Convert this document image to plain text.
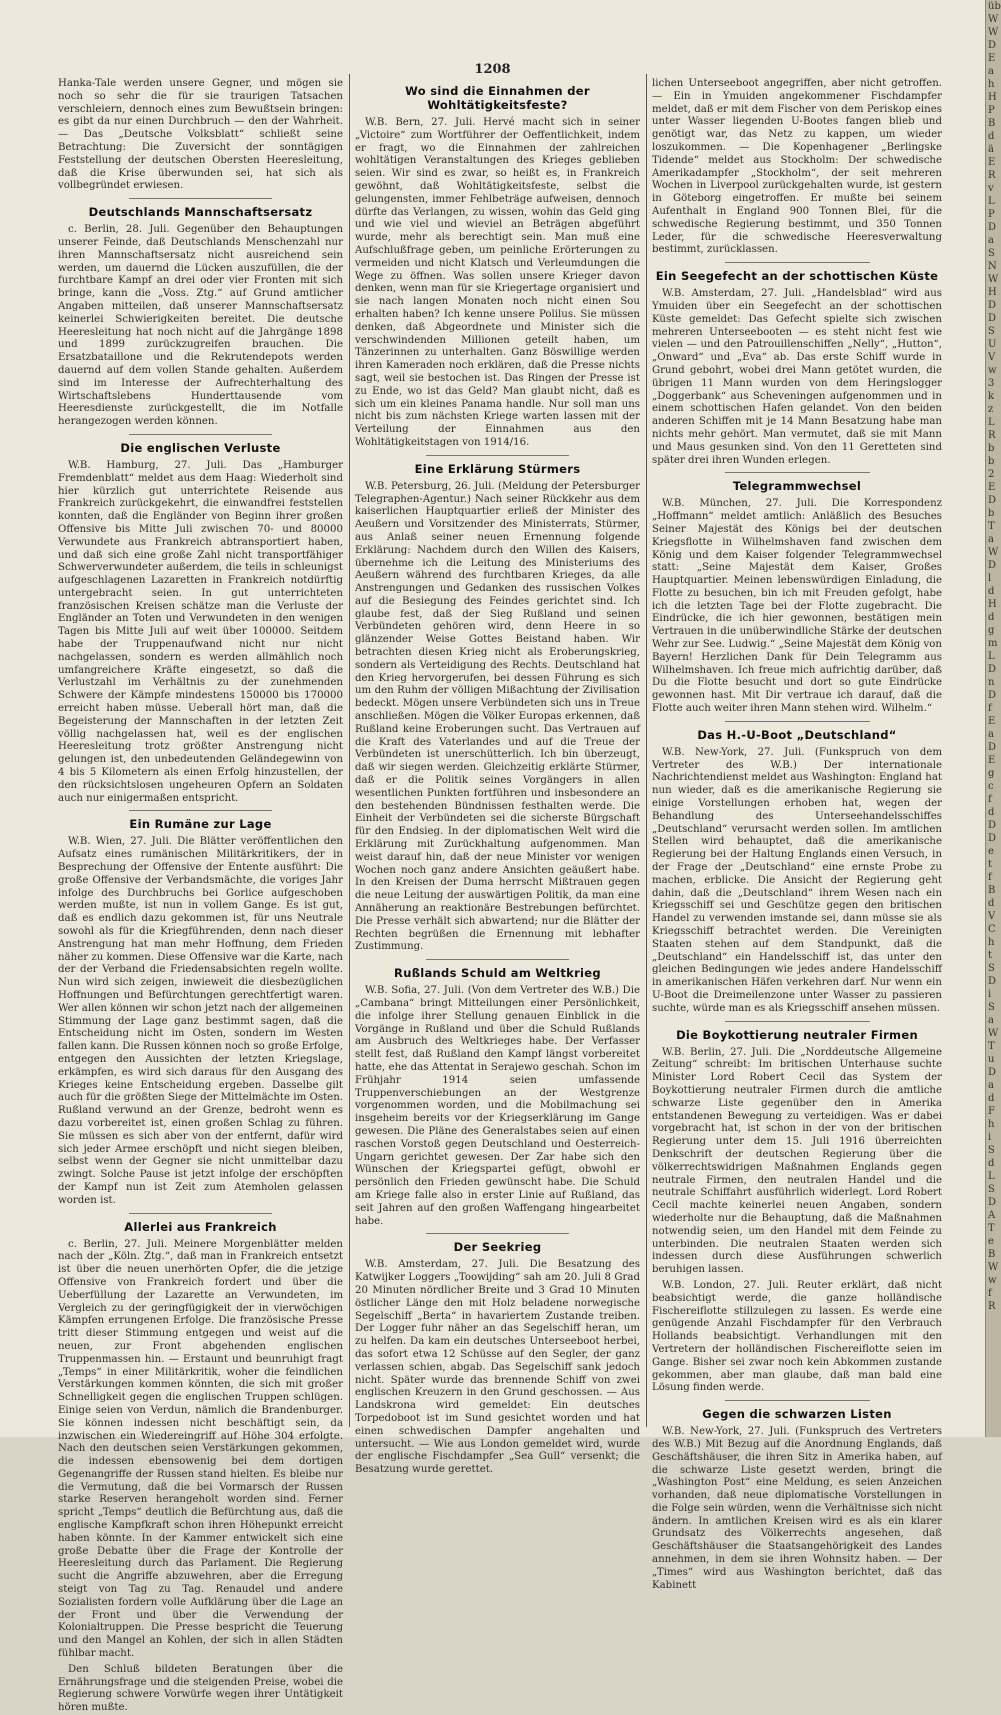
1208

Hanka-Tale werden unsere Gegner, und mögen sie noch so sehr die für sie traurigen Tatsachen verschleiern, dennoch eines zum Bewußtsein bringen: es gibt da nur einen Durchbruch — den der Wahrheit. — Das „Deutsche Volksblatt“ schließt seine Betrachtung: Die Zuversicht der sonntägigen Feststellung der deutschen Obersten Heeresleitung, daß die Krise überwunden sei, hat sich als vollbegründet erwiesen.

Deutschlands Mannschaftsersatz

c. Berlin, 28. Juli. Gegenüber den Behauptungen unserer Feinde, daß Deutschlands Menschenzahl nur ihren Mannschaftsersatz nicht ausreichend sein werden, um dauernd die Lücken auszufüllen, die der furchtbare Kampf an drei oder vier Fronten mit sich bringe, kann die „Voss. Ztg.“ auf Grund amtlicher Angaben mitteilen, daß unserer Mannschaftsersatz keinerlei Schwierigkeiten bereitet. Die deutsche Heeresleitung hat noch nicht auf die Jahrgänge 1898 und 1899 zurückzugreifen brauchen. Die Ersatzbataillone und die Rekrutendepots werden dauernd auf dem vollen Stande gehalten. Außerdem sind im Interesse der Aufrechterhaltung des Wirtschaftslebens Hunderttausende vom Heeresdienste zurückgestellt, die im Notfalle herangezogen werden können.

Die englischen Verluste

W.B. Hamburg, 27. Juli. Das „Hamburger Fremdenblatt“ meldet aus dem Haag: Wiederholt sind hier kürzlich gut unterrichtete Reisende aus Frankreich zurückgekehrt, die einwandfrei feststellen konnten, daß die Engländer von Beginn ihrer großen Offensive bis Mitte Juli zwischen 70- und 80000 Verwundete aus Frankreich abtransportiert haben, und daß sich eine große Zahl nicht transportfähiger Schwerverwundeter außerdem, die teils in schleunigst aufgeschlagenen Lazaretten in Frankreich notdürftig untergebracht seien. In gut unterrichteten französischen Kreisen schätze man die Verluste der Engländer an Toten und Verwundeten in den wenigen Tagen bis Mitte Juli auf weit über 100000. Seitdem habe der Truppenaufwand nicht nur nicht nachgelassen, sondern es werden allmählich noch umfangreichere Kräfte eingesetzt, so daß die Verlustzahl im Verhältnis zu der zunehmenden Schwere der Kämpfe mindestens 150000 bis 170000 erreicht haben müsse. Ueberall hört man, daß die Begeisterung der Mannschaften in der letzten Zeit völlig nachgelassen hat, weil es der englischen Heeresleitung trotz größter Anstrengung nicht gelungen ist, den unbedeutenden Geländegewinn von 4 bis 5 Kilometern als einen Erfolg hinzustellen, der den rücksichtslosen ungeheuren Opfern an Soldaten auch nur einigermaßen entspricht.

Ein Rumäne zur Lage

W.B. Wien, 27. Juli. Die Blätter veröffentlichen den Aufsatz eines rumänischen Militärkritikers, der in Besprechung der Offensive der Entente ausführt: Die große Offensive der Verbandsmächte, die voriges Jahr infolge des Durchbruchs bei Gorlice aufgeschoben werden mußte, ist nun in vollem Gange. Es ist gut, daß es endlich dazu gekommen ist, für uns Neutrale sowohl als für die Kriegführenden, denn nach dieser Anstrengung hat man mehr Hoffnung, dem Frieden näher zu kommen. Diese Offensive war die Karte, nach der der Verband die Friedensabsichten regeln wollte. Nun wird sich zeigen, inwieweit die diesbezüglichen Hoffnungen und Befürchtungen gerechtfertigt waren. Wer allen können wir schon jetzt nach der allgemeinen Stimmung der Lage ganz bestimmt sagen, daß die Entscheidung nicht im Osten, sondern im Westen fallen kann. Die Russen können noch so große Erfolge, entgegen den Aussichten der letzten Kriegslage, erkämpfen, es wird sich daraus für den Ausgang des Krieges keine Entscheidung ergeben. Dasselbe gilt auch für die größten Siege der Mittelmächte im Osten. Rußland verwund an der Grenze, bedroht wenn es dazu vorbereitet ist, einen großen Schlag zu führen. Sie müssen es sich aber von der entfernt, dafür wird sich jeder Armee erschöpft und nicht siegen bleiben, selbst wenn der Gegner sie nicht unmittelbar dazu zwingt. Solche Pause ist jetzt infolge der erschöpften der Kampf nun ist Zeit zum Atemholen gelassen worden ist.

Allerlei aus Frankreich

c. Berlin, 27. Juli. Meinere Morgenblätter melden nach der „Köln. Ztg.“, daß man in Frankreich entsetzt ist über die neuen unerhörten Opfer, die die jetzige Offensive von Frankreich fordert und über die Ueberfüllung der Lazarette an Verwundeten, im Vergleich zu der geringfügigkeit der in vierwöchigen Kämpfen errungenen Erfolge. Die französische Presse tritt dieser Stimmung entgegen und weist auf die neuen, zur Front abgehenden englischen Truppenmassen hin. — Erstaunt und beunruhigt fragt „Temps“ in einer Militärkritik, woher die feindlichen Verstärkungen kommen könnten, die sich mit großer Schnelligkeit gegen die englischen Truppen schlügen. Einige seien von Verdun, nämlich die Brandenburger. Sie können indessen nicht beschäftigt sein, da inzwischen ein Wiedereingriff auf Höhe 304 erfolgte. Nach den deutschen seien Verstärkungen gekommen, die indessen ebensowenig bei dem dortigen Gegenangriffe der Russen stand hielten. Es bleibe nur die Vermutung, daß die bei Vormarsch der Russen starke Reserven herangeholt worden sind. Ferner spricht „Temps“ deutlich die Befürchtung aus, daß die englische Kampfkraft schon ihren Höhepunkt erreicht haben könnte. In der Kammer entwickelt sich eine große Debatte über die Frage der Kontrolle der Heeresleitung durch das Parlament. Die Regierung sucht die Angriffe abzuwehren, aber die Erregung steigt von Tag zu Tag. Renaudel und andere Sozialisten fordern volle Aufklärung über die Lage an der Front und über die Verwendung der Kolonialtruppen. Die Presse bespricht die Teuerung und den Mangel an Kohlen, der sich in allen Städten fühlbar macht.

Den Schluß bildeten Beratungen über die Ernährungsfrage und die steigenden Preise, wobei die Regierung schwere Vorwürfe wegen ihrer Untätigkeit hören mußte.

Wo sind die Einnahmen der Wohltätigkeitsfeste?

W.B. Bern, 27. Juli. Hervé macht sich in seiner „Victoire“ zum Wortführer der Oeffentlichkeit, indem er fragt, wo die Einnahmen der zahlreichen wohltätigen Veranstaltungen des Krieges geblieben seien. Wir sind es zwar, so heißt es, in Frankreich gewöhnt, daß Wohltätigkeitsfeste, selbst die gelungensten, immer Fehlbeträge aufweisen, dennoch dürfte das Verlangen, zu wissen, wohin das Geld ging und wie viel und wieviel an Beträgen abgeführt wurde, mehr als berechtigt sein. Man muß eine Aufschlußfrage geben, um peinliche Erörterungen zu vermeiden und nicht Klatsch und Verleumdungen die Wege zu öffnen. Was sollen unsere Krieger davon denken, wenn man für sie Kriegertage organisiert und sie nach langen Monaten noch nicht einen Sou erhalten haben? Ich kenne unsere Polilus. Sie müssen denken, daß Abgeordnete und Minister sich die verschwindenden Millionen geteilt haben, um Tänzerinnen zu unterhalten. Ganz Böswillige werden ihren Kameraden noch erklären, daß die Presse nichts sagt, weil sie bestochen ist. Das Ringen der Presse ist zu Ende, wo ist das Geld? Man glaubt nicht, daß es sich um ein kleines Panama handle. Nur soll man uns nicht bis zum nächsten Kriege warten lassen mit der Verteilung der Einnahmen aus den Wohltätigkeitstagen von 1914/16.

Eine Erklärung Stürmers

W.B. Petersburg, 26. Juli. (Meldung der Petersburger Telegraphen-Agentur.) Nach seiner Rückkehr aus dem kaiserlichen Hauptquartier erließ der Minister des Aeußern und Vorsitzender des Ministerrats, Stürmer, aus Anlaß seiner neuen Ernennung folgende Erklärung: Nachdem durch den Willen des Kaisers, übernehme ich die Leitung des Ministeriums des Aeußern während des furchtbaren Krieges, da alle Anstrengungen und Gedanken des russischen Volkes auf die Besiegung des Feindes gerichtet sind. Ich glaube fest, daß der Sieg Rußland und seinen Verbündeten gehören wird, denn Heere in so glänzender Weise Gottes Beistand haben. Wir betrachten diesen Krieg nicht als Eroberungskrieg, sondern als Verteidigung des Rechts. Deutschland hat den Krieg hervorgerufen, bei dessen Führung es sich um den Ruhm der völligen Mißachtung der Zivilisation bedeckt. Mögen unsere Verbündeten sich uns in Treue anschließen. Mögen die Völker Europas erkennen, daß Rußland keine Eroberungen sucht. Das Vertrauen auf die Kraft des Vaterlandes und auf die Treue der Verbündeten ist unerschütterlich. Ich bin überzeugt, daß wir siegen werden. Gleichzeitig erklärte Stürmer, daß er die Politik seines Vorgängers in allen wesentlichen Punkten fortführen und insbesondere an den bestehenden Bündnissen festhalten werde. Die Einheit der Verbündeten sei die sicherste Bürgschaft für den Endsieg. In der diplomatischen Welt wird die Erklärung mit Zurückhaltung aufgenommen. Man weist darauf hin, daß der neue Minister vor wenigen Wochen noch ganz andere Ansichten geäußert habe. In den Kreisen der Duma herrscht Mißtrauen gegen die neue Leitung der auswärtigen Politik, da man eine Annäherung an reaktionäre Bestrebungen befürchtet. Die Presse verhält sich abwartend; nur die Blätter der Rechten begrüßen die Ernennung mit lebhafter Zustimmung.

Rußlands Schuld am Weltkrieg

W.B. Sofia, 27. Juli. (Von dem Vertreter des W.B.) Die „Cambana“ bringt Mitteilungen einer Persönlichkeit, die infolge ihrer Stellung genauen Einblick in die Vorgänge in Rußland und über die Schuld Rußlands am Ausbruch des Weltkrieges habe. Der Verfasser stellt fest, daß Rußland den Kampf längst vorbereitet hatte, ehe das Attentat in Serajewo geschah. Schon im Frühjahr 1914 seien umfassende Truppenverschiebungen an der Westgrenze vorgenommen worden, und die Mobilmachung sei insgeheim bereits vor der Kriegserklärung im Gange gewesen. Die Pläne des Generalstabes seien auf einen raschen Vorstoß gegen Deutschland und Oesterreich-Ungarn gerichtet gewesen. Der Zar habe sich den Wünschen der Kriegspartei gefügt, obwohl er persönlich den Frieden gewünscht habe. Die Schuld am Kriege falle also in erster Linie auf Rußland, das seit Jahren auf den großen Waffengang hingearbeitet habe.

Der Seekrieg

W.B. Amsterdam, 27. Juli. Die Besatzung des Katwijker Loggers „Toowijding“ sah am 20. Juli 8 Grad 20 Minuten nördlicher Breite und 3 Grad 10 Minuten östlicher Länge den mit Holz beladene norwegische Segelschiff „Berta“ in havariertem Zustande treiben. Der Logger fuhr näher an das Segelschiff heran, um zu helfen. Da kam ein deutsches Unterseeboot herbei, das sofort etwa 12 Schüsse auf den Segler, der ganz verlassen schien, abgab. Das Segelschiff sank jedoch nicht. Später wurde das brennende Schiff von zwei englischen Kreuzern in den Grund geschossen. — Aus Landskrona wird gemeldet: Ein deutsches Torpedoboot ist im Sund gesichtet worden und hat einen schwedischen Dampfer angehalten und untersucht. — Wie aus London gemeldet wird, wurde der englische Fischdampfer „Sea Gull“ versenkt; die Besatzung wurde gerettet.

lichen Unterseeboot angegriffen, aber nicht getroffen. — Ein in Ymuiden angekommener Fischdampfer meldet, daß er mit dem Fischer von dem Periskop eines unter Wasser liegenden U-Bootes fangen blieb und genötigt war, das Netz zu kappen, um wieder loszukommen. — Die Kopenhagener „Berlingske Tidende“ meldet aus Stockholm: Der schwedische Amerikadampfer „Stockholm“, der seit mehreren Wochen in Liverpool zurückgehalten wurde, ist gestern in Göteborg eingetroffen. Er mußte bei seinem Aufenthalt in England 900 Tonnen Blei, für die schwedische Regierung bestimmt, und 350 Tonnen Leder, für die schwedische Heeresverwaltung bestimmt, zurücklassen.

Ein Seegefecht an der schottischen Küste

W.B. Amsterdam, 27. Juli. „Handelsblad“ wird aus Ymuiden über ein Seegefecht an der schottischen Küste gemeldet: Das Gefecht spielte sich zwischen mehreren Unterseebooten — es steht nicht fest wie vielen — und den Patrouillenschiffen „Nelly“, „Hutton“, „Onward“ und „Eva“ ab. Das erste Schiff wurde in Grund gebohrt, wobei drei Mann getötet wurden, die übrigen 11 Mann wurden von dem Heringslogger „Doggerbank“ aus Scheveningen aufgenommen und in einem schottischen Hafen gelandet. Von den beiden anderen Schiffen mit je 14 Mann Besatzung habe man nichts mehr gehört. Man vermutet, daß sie mit Mann und Maus gesunken sind. Von den 11 Geretteten sind später drei ihren Wunden erlegen.

Telegrammwechsel

W.B. München, 27. Juli. Die Korrespondenz „Hoffmann“ meldet amtlich: Anläßlich des Besuches Seiner Majestät des Königs bei der deutschen Kriegsflotte in Wilhelmshaven fand zwischen dem König und dem Kaiser folgender Telegrammwechsel statt: „Seine Majestät dem Kaiser, Großes Hauptquartier. Meinen lebenswürdigen Einladung, die Flotte zu besuchen, bin ich mit Freuden gefolgt, habe ich die letzten Tage bei der Flotte zugebracht. Die Eindrücke, die ich hier gewonnen, bestätigen mein Vertrauen in die unüberwindliche Stärke der deutschen Wehr zur See. Ludwig.“ „Seine Majestät dem König von Bayern! Herzlichen Dank für Dein Telegramm aus Wilhelmshaven. Ich freue mich aufrichtig darüber, daß Du die Flotte besucht und dort so gute Eindrücke gewonnen hast. Mit Dir vertraue ich darauf, daß die Flotte auch weiter ihren Mann stehen wird. Wilhelm.“

Das H.-U-Boot „Deutschland“

W.B. New-York, 27. Juli. (Funkspruch von dem Vertreter des W.B.) Der internationale Nachrichtendienst meldet aus Washington: England hat nun wieder, daß es die amerikanische Regierung sie einige Vorstellungen erhoben hat, wegen der Behandlung des Unterseehandelsschiffes „Deutschland“ verursacht werden sollen. Im amtlichen Stellen wird behauptet, daß die amerikanische Regierung bei der Haltung Englands einen Versuch, in der Frage der „Deutschland“ eine ernste Probe zu machen, erblicke. Die Ansicht der Regierung geht dahin, daß die „Deutschland“ ihrem Wesen nach ein Kriegsschiff sei und Geschütze gegen den britischen Handel zu verwenden imstande sei, dann müsse sie als Kriegsschiff betrachtet werden. Die Vereinigten Staaten stehen auf dem Standpunkt, daß die „Deutschland“ ein Handelsschiff ist, das unter den gleichen Bedingungen wie jedes andere Handelsschiff in amerikanischen Häfen verkehren darf. Nur wenn ein U-Boot die Dreimeilenzone unter Wasser zu passieren suchte, würde man es als Kriegsschiff ansehen müssen.

Die Boykottierung neutraler Firmen

W.B. Berlin, 27. Juli. Die „Norddeutsche Allgemeine Zeitung“ schreibt: Im britischen Unterhause suchte Minister Lord Robert Cecil das System der Boykottierung neutraler Firmen durch die amtliche schwarze Liste gegenüber den in Amerika entstandenen Bewegung zu verteidigen. Was er dabei vorgebracht hat, ist schon in der von der britischen Regierung unter dem 15. Juli 1916 überreichten Denkschrift der deutschen Regierung über die völkerrechtswidrigen Maßnahmen Englands gegen neutrale Firmen, den neutralen Handel und die neutrale Schiffahrt ausführlich widerlegt. Lord Robert Cecil machte keinerlei neuen Angaben, sondern wiederholte nur die Behauptung, daß die Maßnahmen notwendig seien, um den Handel mit dem Feinde zu unterbinden. Die neutralen Staaten werden sich indessen durch diese Ausführungen schwerlich beruhigen lassen.

W.B. London, 27. Juli. Reuter erklärt, daß nicht beabsichtigt werde, die ganze holländische Fischereiflotte stillzulegen zu lassen. Es werde eine genügende Anzahl Fischdampfer für den Verbrauch Hollands beabsichtigt. Verhandlungen mit den Vertretern der holländischen Fischereiflotte seien im Gange. Bisher sei zwar noch kein Abkommen zustande gekommen, aber man glaube, daß man bald eine Lösung finden werde.

Gegen die schwarzen Listen

W.B. New-York, 27. Juli. (Funkspruch des Vertreters des W.B.) Mit Bezug auf die Anordnung Englands, daß Geschäftshäuser, die ihren Sitz in Amerika haben, auf die schwarze Liste gesetzt werden, bringt die „Washington Post“ eine Meldung, es seien Anzeichen vorhanden, daß neue diplomatische Vorstellungen in die Folge sein würden, wenn die Verhältnisse sich nicht ändern. In amtlichen Kreisen wird es als ein klarer Grundsatz des Völkerrechts angesehen, daß Geschäftshäuser die Staatsangehörigkeit des Landes annehmen, in dem sie ihren Wohnsitz haben. — Der „Times“ wird aus Washington berichtet, daß das Kabinett

üb
W
W
D
E
a
h
H
P
B
d
ä
E
R
v
L
P
D
a
S
N
W
H
D
D
S
U
V
w
3
k
z
L
R
b
b
2
E
D
b
T
a
W
D
l
d
H
d
g
m
L
D
n
D
f
E
a
D
E
g
c
f
d
D
D
e
t
f
B
d
V
C
h
t
S
D
i
S
a
W
T
u
D
a
d
F
h
i
S
d
L
S
D
A
T
e
B
W
w
f
R
